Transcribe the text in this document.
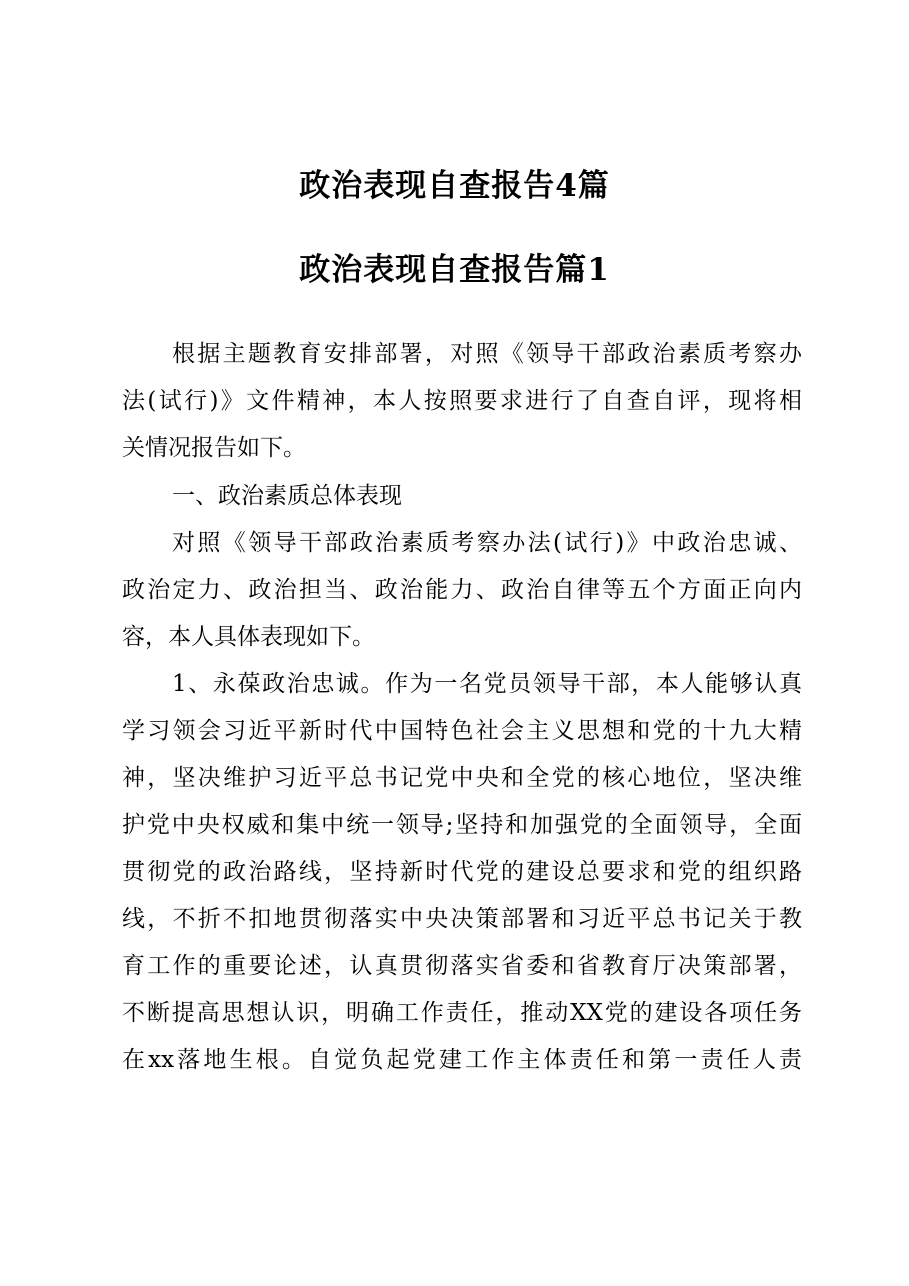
政治表现自查报告4篇
政治表现自查报告篇1
根据主题教育安排部署，对照《领导干部政治素质考察办
法(试行)》文件精神，本人按照要求进行了自查自评，现将相
关情况报告如下。
一、政治素质总体表现
对照《领导干部政治素质考察办法(试行)》中政治忠诚、
政治定力、政治担当、政治能力、政治自律等五个方面正向内
容，本人具体表现如下。
1、永葆政治忠诚。作为一名党员领导干部，本人能够认真
学习领会习近平新时代中国特色社会主义思想和党的十九大精
神，坚决维护习近平总书记党中央和全党的核心地位，坚决维
护党中央权威和集中统一领导;坚持和加强党的全面领导，全面
贯彻党的政治路线，坚持新时代党的建设总要求和党的组织路
线，不折不扣地贯彻落实中央决策部署和习近平总书记关于教
育工作的重要论述，认真贯彻落实省委和省教育厅决策部署，
不断提高思想认识，明确工作责任，推动XX党的建设各项任务
在xx落地生根。自觉负起党建工作主体责任和第一责任人责
